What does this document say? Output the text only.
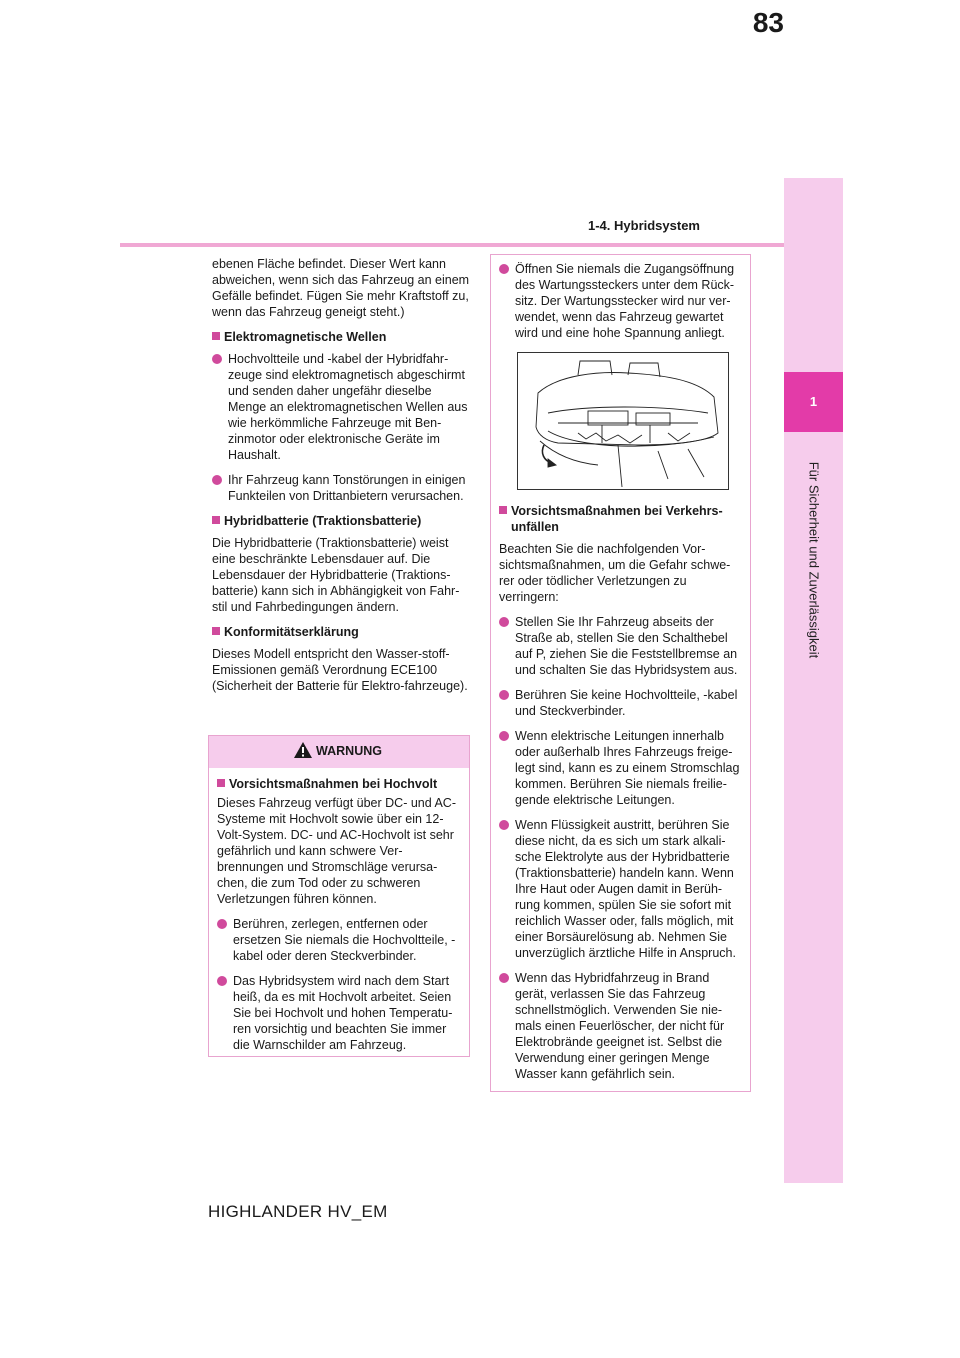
83
1-4. Hybridsystem
1
Für Sicherheit und Zuverlässigkeit

ebenen Fläche befindet. Dieser Wert kann abweichen, wenn sich das Fahrzeug an einem Gefälle befindet. Fügen Sie mehr Kraftstoff zu, wenn das Fahrzeug geneigt steht.)

Elektromagnetische Wellen

Hochvoltteile und -kabel der Hybridfahr-zeuge sind elektromagnetisch abgeschirmt und senden daher ungefähr dieselbe Menge an elektromagnetischen Wellen aus wie herkömmliche Fahrzeuge mit Ben-zinmotor oder elektronische Geräte im Haushalt.

Ihr Fahrzeug kann Tonstörungen in einigen Funkteilen von Drittanbietern verursachen.

Hybridbatterie (Traktionsbatterie)

Die Hybridbatterie (Traktionsbatterie) weist eine beschränkte Lebensdauer auf. Die Lebensdauer der Hybridbatterie (Traktions-batterie) kann sich in Abhängigkeit von Fahr-stil und Fahrbedingungen ändern.

Konformitätserklärung

Dieses Modell entspricht den Wasser-stoff-Emissionen gemäß Verordnung ECE100 (Sicherheit der Batterie für Elektro-fahrzeuge).

WARNUNG

Vorsichtsmaßnahmen bei Hochvolt

Dieses Fahrzeug verfügt über DC- und AC-Systeme mit Hochvolt sowie über ein 12-Volt-System. DC- und AC-Hochvolt ist sehr gefährlich und kann schwere Ver-brennungen und Stromschläge verursa-chen, die zum Tod oder zu schweren Verletzungen führen können.

Berühren, zerlegen, entfernen oder ersetzen Sie niemals die Hochvoltteile, -kabel oder deren Steckverbinder.

Das Hybridsystem wird nach dem Start heiß, da es mit Hochvolt arbeitet. Seien Sie bei Hochvolt und hohen Temperatu-ren vorsichtig und beachten Sie immer die Warnschilder am Fahrzeug.

Öffnen Sie niemals die Zugangsöffnung des Wartungssteckers unter dem Rück-sitz. Der Wartungsstecker wird nur ver-wendet, wenn das Fahrzeug gewartet wird und eine hohe Spannung anliegt.

Vorsichtsmaßnahmen bei Verkehrs-unfällen

Beachten Sie die nachfolgenden Vor-sichtsmaßnahmen, um die Gefahr schwe-rer oder tödlicher Verletzungen zu verringern:

Stellen Sie Ihr Fahrzeug abseits der Straße ab, stellen Sie den Schalthebel auf P, ziehen Sie die Feststellbremse an und schalten Sie das Hybridsystem aus.

Berühren Sie keine Hochvoltteile, -kabel und Steckverbinder.

Wenn elektrische Leitungen innerhalb oder außerhalb Ihres Fahrzeugs freige-legt sind, kann es zu einem Stromschlag kommen. Berühren Sie niemals freilie-gende elektrische Leitungen.

Wenn Flüssigkeit austritt, berühren Sie diese nicht, da es sich um stark alkali-sche Elektrolyte aus der Hybridbatterie (Traktionsbatterie) handeln kann. Wenn Ihre Haut oder Augen damit in Berüh-rung kommen, spülen Sie sie sofort mit reichlich Wasser oder, falls möglich, mit einer Borsäurelösung ab. Nehmen Sie unverzüglich ärztliche Hilfe in Anspruch.

Wenn das Hybridfahrzeug in Brand gerät, verlassen Sie das Fahrzeug schnellstmöglich. Verwenden Sie nie-mals einen Feuerlöscher, der nicht für Elektrobrände geeignet ist. Selbst die Verwendung einer geringen Menge Wasser kann gefährlich sein.

HIGHLANDER HV_EM
